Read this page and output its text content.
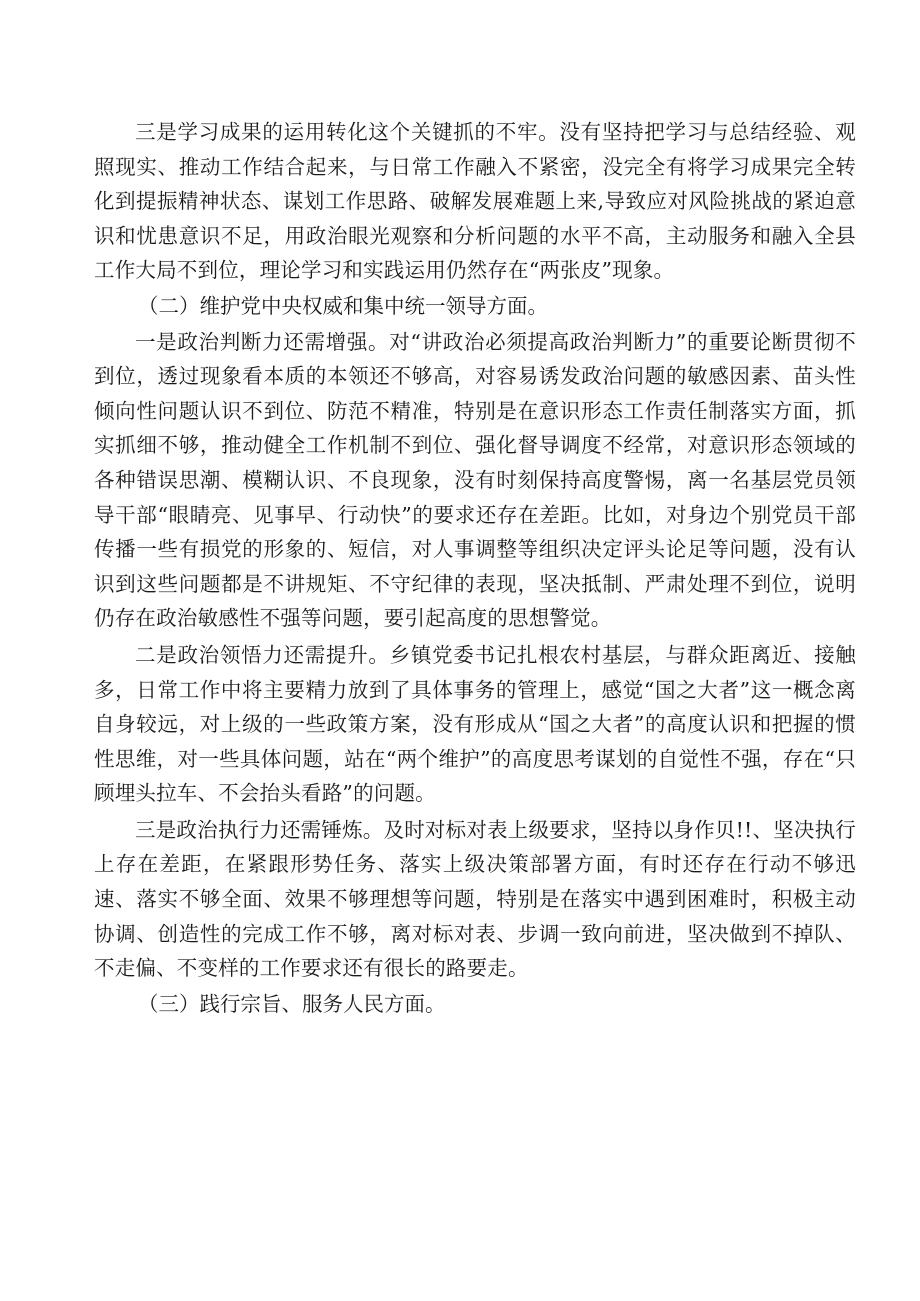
三是学习成果的运用转化这个关键抓的不牢。没有坚持把学习与总结经验、观照现实、推动工作结合起来，与日常工作融入不紧密，没完全有将学习成果完全转化到提振精神状态、谋划工作思路、破解发展难题上来,导致应对风险挑战的紧迫意识和忧患意识不足，用政治眼光观察和分析问题的水平不高，主动服务和融入全县工作大局不到位，理论学习和实践运用仍然存在“两张皮”现象。

（二）维护党中央权威和集中统一领导方面。

一是政治判断力还需增强。对“讲政治必须提高政治判断力”的重要论断贯彻不到位，透过现象看本质的本领还不够高，对容易诱发政治问题的敏感因素、苗头性倾向性问题认识不到位、防范不精准，特别是在意识形态工作责任制落实方面，抓实抓细不够，推动健全工作机制不到位、强化督导调度不经常，对意识形态领域的各种错误思潮、模糊认识、不良现象，没有时刻保持高度警惕，离一名基层党员领导干部“眼睛亮、见事早、行动快”的要求还存在差距。比如，对身边个别党员干部传播一些有损党的形象的、短信，对人事调整等组织决定评头论足等问题，没有认识到这些问题都是不讲规矩、不守纪律的表现，坚决抵制、严肃处理不到位，说明仍存在政治敏感性不强等问题，要引起高度的思想警觉。

二是政治领悟力还需提升。乡镇党委书记扎根农村基层，与群众距离近、接触多，日常工作中将主要精力放到了具体事务的管理上，感觉“国之大者”这一概念离自身较远，对上级的一些政策方案，没有形成从“国之大者”的高度认识和把握的惯性思维，对一些具体问题，站在“两个维护”的高度思考谋划的自觉性不强，存在“只顾埋头拉车、不会抬头看路”的问题。

三是政治执行力还需锤炼。及时对标对表上级要求，坚持以身作贝!!、坚决执行上存在差距，在紧跟形势任务、落实上级决策部署方面，有时还存在行动不够迅速、落实不够全面、效果不够理想等问题，特别是在落实中遇到困难时，积极主动协调、创造性的完成工作不够，离对标对表、步调一致向前进，坚决做到不掉队、不走偏、不变样的工作要求还有很长的路要走。

（三）践行宗旨、服务人民方面。
